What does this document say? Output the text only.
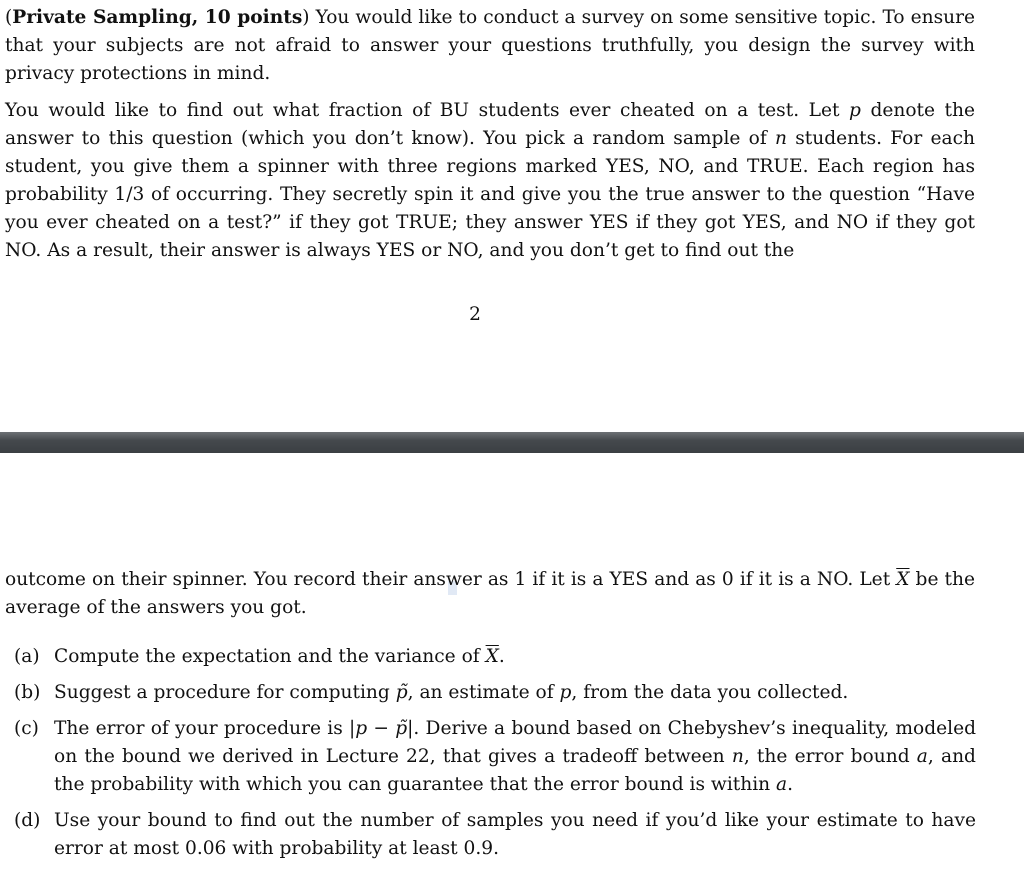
(Private Sampling, 10 points) You would like to conduct a survey on some sensitive topic. To ensure that your subjects are not afraid to answer your questions truthfully, you design the survey with privacy protections in mind.

You would like to find out what fraction of BU students ever cheated on a test. Let p denote the answer to this question (which you don’t know). You pick a random sample of n students. For each student, you give them a spinner with three regions marked YES, NO, and TRUE. Each region has probability 1/3 of occurring. They secretly spin it and give you the true answer to the question “Have you ever cheated on a test?” if they got TRUE; they answer YES if they got YES, and NO if they got NO. As a result, their answer is always YES or NO, and you don’t get to find out the

2

outcome on their spinner. You record their answer as 1 if it is a YES and as 0 if it is a NO. Let $\overline{X}$ be the average of the answers you got.

(a) Compute the expectation and the variance of $\overline{X}$.
(b) Suggest a procedure for computing p̃, an estimate of p, from the data you collected.
(c) The error of your procedure is |p − p̃|. Derive a bound based on Chebyshev’s inequality, modeled on the bound we derived in Lecture 22, that gives a tradeoff between n, the error bound a, and the probability with which you can guarantee that the error bound is within a.
(d) Use your bound to find out the number of samples you need if you’d like your estimate to have error at most 0.06 with probability at least 0.9.
